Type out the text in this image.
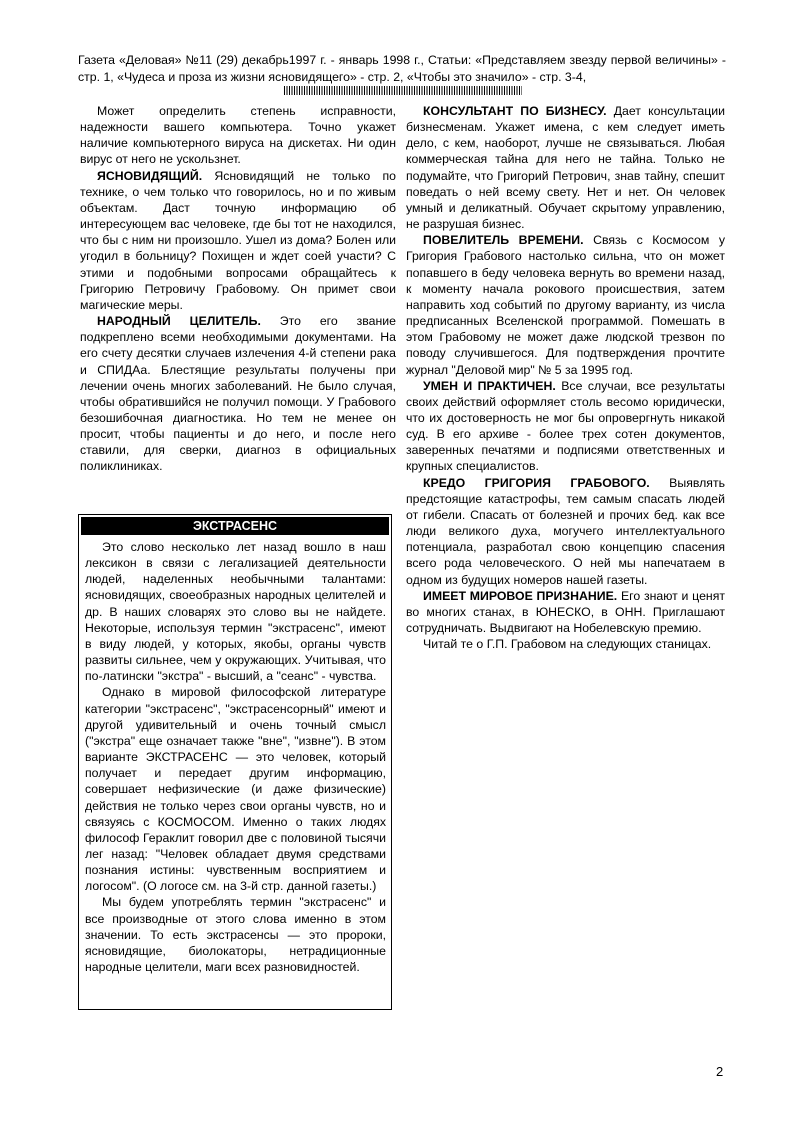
Газета «Деловая» №11 (29) декабрь1997 г. - январь 1998 г., Статьи: «Представляем звезду первой величины» - стр. 1, «Чудеса и проза из жизни ясновидящего» - стр. 2, «Чтобы это значило» - стр. 3-4,

Может определить степень исправности, надежности вашего компьютера. Точно укажет наличие компьютерного вируса на дискетах. Ни один вирус от него не ускользнет.

ЯСНОВИДЯЩИЙ. Ясновидящий не только по технике, о чем только что говорилось, но и по живым объектам. Даст точную информацию об интересующем вас человеке, где бы тот не находился, что бы с ним ни произошло. Ушел из дома? Болен или угодил в больницу? Похищен и ждет соей участи? С этими и подобными вопросами обращайтесь к Григорию Петровичу Грабовому. Он примет свои магические меры.

НАРОДНЫЙ ЦЕЛИТЕЛЬ. Это его звание подкреплено всеми необходимыми документами. На его счету десятки случаев излечения 4-й степени рака и СПИДАа. Блестящие результаты получены при лечении очень многих заболеваний. Не было случая, чтобы обратившийся не получил помощи. У Грабового безошибочная диагностика. Но тем не менее он просит, чтобы пациенты и до него, и после него ставили, для сверки, диагноз в официальных поликлиниках.

ЭКСТРАСЕНС

Это слово несколько лет назад вошло в наш лексикон в связи с легализацией деятельности людей, наделенных необычными талантами: ясновидящих, своеобразных народных целителей и др. В наших словарях это слово вы не найдете. Некоторые, используя термин "экстрасенс", имеют в виду людей, у которых, якобы, органы чувств развиты сильнее, чем у окружающих. Учитывая, что по-латински "экстра" - высший, а "сеанс" - чувства.

Однако в мировой философской литературе категории "экстрасенс", "экстрасенсорный" имеют и другой удивительный и очень точный смысл ("экстра" еще означает также "вне", "извне"). В этом варианте ЭКСТРАСЕНС — это человек, который получает и передает другим информацию, совершает нефизические (и даже физические) действия не только через свои органы чувств, но и связуясь с КОСМОСОМ. Именно о таких людях философ Гераклит говорил две с половиной тысячи лег назад: "Человек обладает двумя средствами познания истины: чувственным восприятием и логосом". (О логосе см. на 3-й стр. данной газеты.)

Мы будем употреблять термин "экстрасенс" и все производные от этого слова именно в этом значении. То есть экстрасенсы — это пророки, ясновидящие, биолокаторы, нетрадиционные народные целители, маги всех разновидностей.

КОНСУЛЬТАНТ ПО БИЗНЕСУ. Дает консультации бизнесменам. Укажет имена, с кем следует иметь дело, с кем, наоборот, лучше не связываться. Любая коммерческая тайна для него не тайна. Только не подумайте, что Григорий Петрович, знав тайну, спешит поведать о ней всему свету. Нет и нет. Он человек умный и деликатный. Обучает скрытому управлению, не разрушая бизнес.

ПОВЕЛИТЕЛЬ ВРЕМЕНИ. Связь с Космосом у Григория Грабового настолько сильна, что он может попавшего в беду человека вернуть во времени назад, к моменту начала рокового происшествия, затем направить ход событий по другому варианту, из числа предписанных Вселенской программой. Помешать в этом Грабовому не может даже людской трезвон по поводу случившегося. Для подтверждения прочтите журнал "Деловой мир" № 5 за 1995 год.

УМЕН И ПРАКТИЧЕН. Все случаи, все результаты своих действий оформляет столь весомо юридически, что их достоверность не мог бы опровергнуть никакой суд. В его архиве - более трех сотен документов, заверенных печатями и подписями ответственных и крупных специалистов.

КРЕДО ГРИГОРИЯ ГРАБОВОГО. Выявлять предстоящие катастрофы, тем самым спасать людей от гибели. Спасать от болезней и прочих бед. как все люди великого духа, могучего интеллектуального потенциала, разработал свою концепцию спасения всего рода человеческого. О ней мы напечатаем в одном из будущих номеров нашей газеты.

ИМЕЕТ МИРОВОЕ ПРИЗНАНИЕ. Его знают и ценят во многих станах, в ЮНЕСКО, в ОНН. Приглашают сотрудничать. Выдвигают на Нобелевскую премию.

Читай те о Г.П. Грабовом на следующих станицах.

2
